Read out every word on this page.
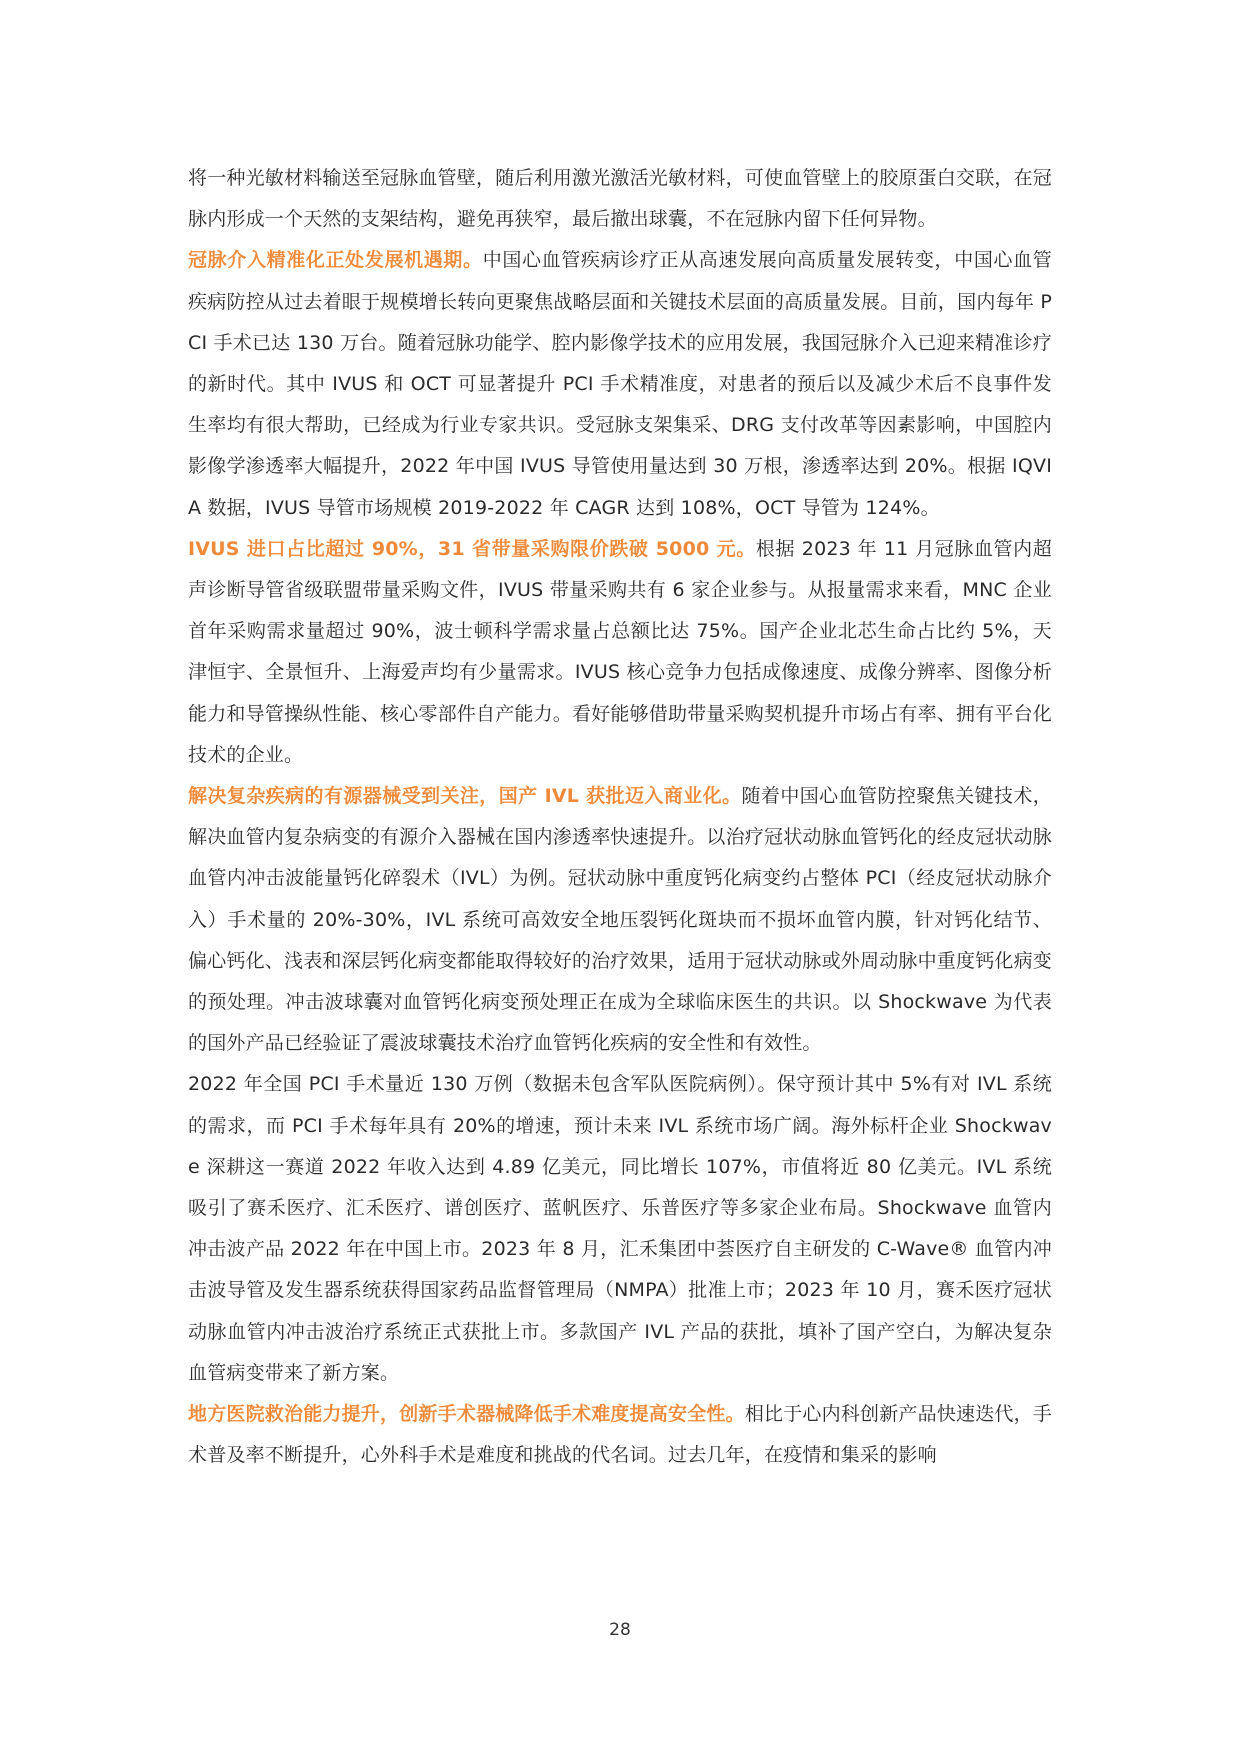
将一种光敏材料输送至冠脉血管壁，随后利用激光激活光敏材料，可使血管壁上的胶原蛋白交联，在冠脉内形成一个天然的支架结构，避免再狭窄，最后撤出球囊，不在冠脉内留下任何异物。

冠脉介入精准化正处发展机遇期。中国心血管疾病诊疗正从高速发展向高质量发展转变，中国心血管疾病防控从过去着眼于规模增长转向更聚焦战略层面和关键技术层面的高质量发展。目前，国内每年 PCI 手术已达 130 万台。随着冠脉功能学、腔内影像学技术的应用发展，我国冠脉介入已迎来精准诊疗的新时代。其中 IVUS 和 OCT 可显著提升 PCI 手术精准度，对患者的预后以及减少术后不良事件发生率均有很大帮助，已经成为行业专家共识。受冠脉支架集采、DRG 支付改革等因素影响，中国腔内影像学渗透率大幅提升，2022 年中国 IVUS 导管使用量达到 30 万根，渗透率达到 20%。根据 IQVIA 数据，IVUS 导管市场规模 2019-2022 年 CAGR 达到 108%，OCT 导管为 124%。

IVUS 进口占比超过 90%，31 省带量采购限价跌破 5000 元。根据 2023 年 11 月冠脉血管内超声诊断导管省级联盟带量采购文件，IVUS 带量采购共有 6 家企业参与。从报量需求来看，MNC 企业首年采购需求量超过 90%，波士顿科学需求量占总额比达 75%。国产企业北芯生命占比约 5%，天津恒宇、全景恒升、上海爱声均有少量需求。IVUS 核心竞争力包括成像速度、成像分辨率、图像分析能力和导管操纵性能、核心零部件自产能力。看好能够借助带量采购契机提升市场占有率、拥有平台化技术的企业。

解决复杂疾病的有源器械受到关注，国产 IVL 获批迈入商业化。随着中国心血管防控聚焦关键技术，解决血管内复杂病变的有源介入器械在国内渗透率快速提升。以治疗冠状动脉血管钙化的经皮冠状动脉血管内冲击波能量钙化碎裂术（IVL）为例。冠状动脉中重度钙化病变约占整体 PCI（经皮冠状动脉介入）手术量的 20%-30%，IVL 系统可高效安全地压裂钙化斑块而不损坏血管内膜，针对钙化结节、偏心钙化、浅表和深层钙化病变都能取得较好的治疗效果，适用于冠状动脉或外周动脉中重度钙化病变的预处理。冲击波球囊对血管钙化病变预处理正在成为全球临床医生的共识。以 Shockwave 为代表的国外产品已经验证了震波球囊技术治疗血管钙化疾病的安全性和有效性。

2022 年全国 PCI 手术量近 130 万例（数据未包含军队医院病例）。保守预计其中 5%有对 IVL 系统的需求，而 PCI 手术每年具有 20%的增速，预计未来 IVL 系统市场广阔。海外标杆企业 Shockwave 深耕这一赛道 2022 年收入达到 4.89 亿美元，同比增长 107%，市值将近 80 亿美元。IVL 系统吸引了赛禾医疗、汇禾医疗、谱创医疗、蓝帆医疗、乐普医疗等多家企业布局。Shockwave 血管内冲击波产品 2022 年在中国上市。2023 年 8 月，汇禾集团中荟医疗自主研发的 C-Wave® 血管内冲击波导管及发生器系统获得国家药品监督管理局（NMPA）批准上市；2023 年 10 月，赛禾医疗冠状动脉血管内冲击波治疗系统正式获批上市。多款国产 IVL 产品的获批，填补了国产空白，为解决复杂血管病变带来了新方案。

地方医院救治能力提升，创新手术器械降低手术难度提高安全性。相比于心内科创新产品快速迭代，手术普及率不断提升，心外科手术是难度和挑战的代名词。过去几年，在疫情和集采的影响

28
